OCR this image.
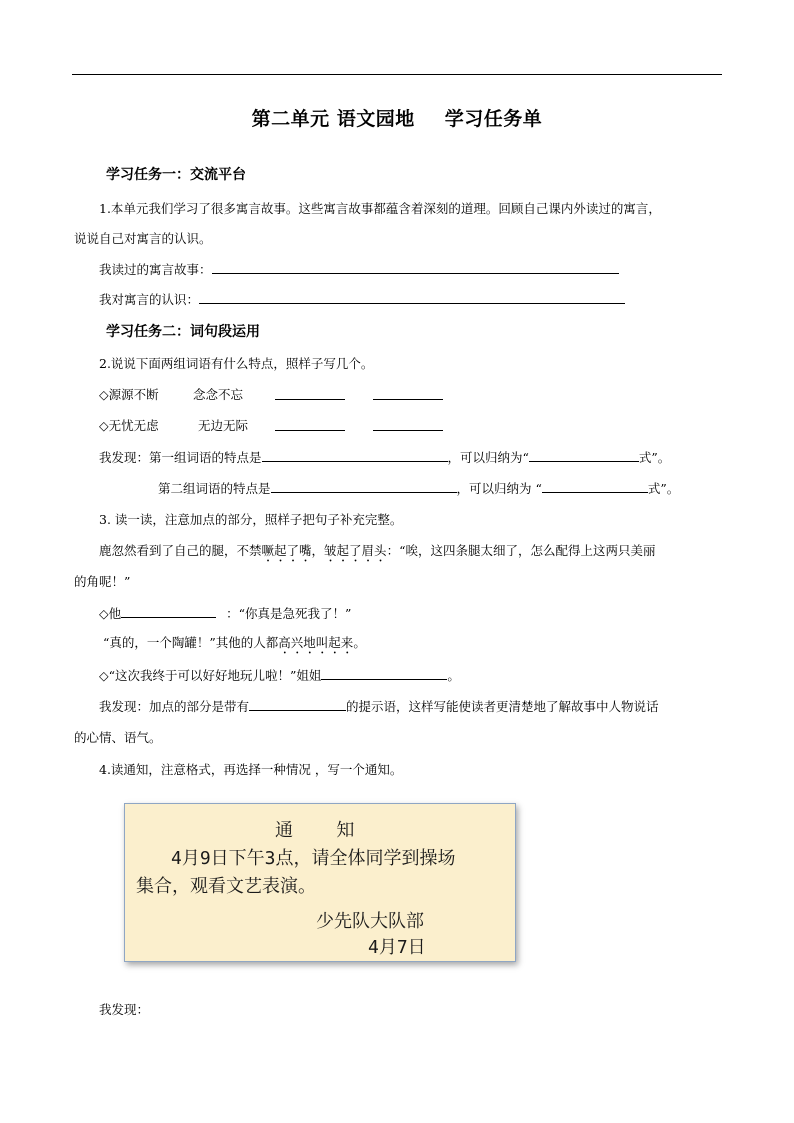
第二单元 语文园地 学习任务单
学习任务一：交流平台
1.本单元我们学习了很多寓言故事。这些寓言故事都蕴含着深刻的道理。回顾自己课内外读过的寓言，
说说自己对寓言的认识。
我读过的寓言故事：
我对寓言的认识：
学习任务二：词句段运用
2.说说下面两组词语有什么特点，照样子写几个。
◇源源不断	念念不忘
◇无忧无虑	无边无际
我发现：第一组词语的特点是	，可以归纳为“	式”。
第二组词语的特点是	，可以归纳为 “	式”。
3. 读一读，注意加点的部分，照样子把句子补充完整。
鹿忽然看到了自己的腿，不禁噘起了嘴，皱起了眉头：“唉，这四条腿太细了，怎么配得上这两只美丽
的角呢！”
◇他	：“你真是急死我了！”
“真的，一个陶罐！”其他的人都高兴地叫起来。
◇“这次我终于可以好好地玩儿啦！”姐姐	。
我发现：加点的部分是带有	的提示语，这样写能使读者更清楚地了解故事中人物说话
的心情、语气。
4.读通知，注意格式，再选择一种情况 ，写一个通知。
通    知
4月9日下午3点，请全体同学到操场
集合，观看文艺表演。
少先队大队部
4月7日
我发现：
